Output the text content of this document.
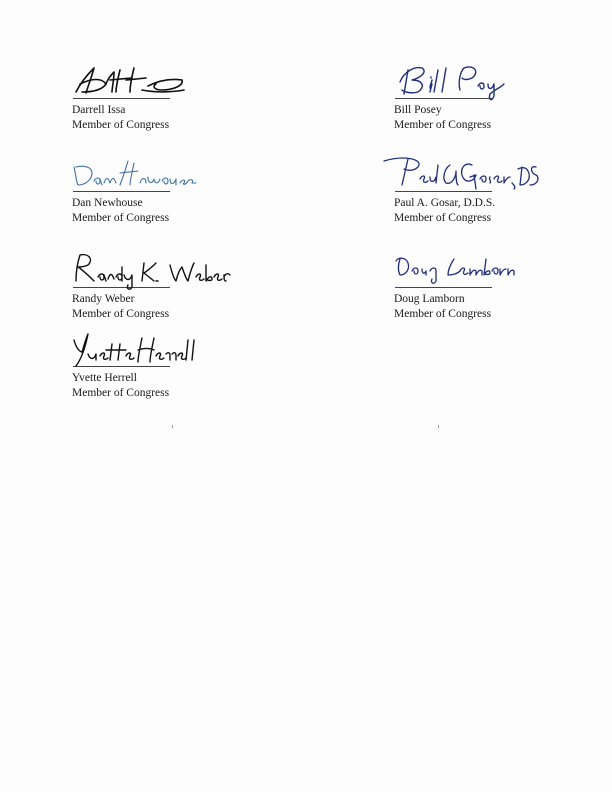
Darrell Issa
Member of Congress
Dan Newhouse
Member of Congress
Randy Weber
Member of Congress
Yvette Herrell
Member of Congress
Bill Posey
Member of Congress
Paul A. Gosar, D.D.S.
Member of Congress
Doug Lamborn
Member of Congress
